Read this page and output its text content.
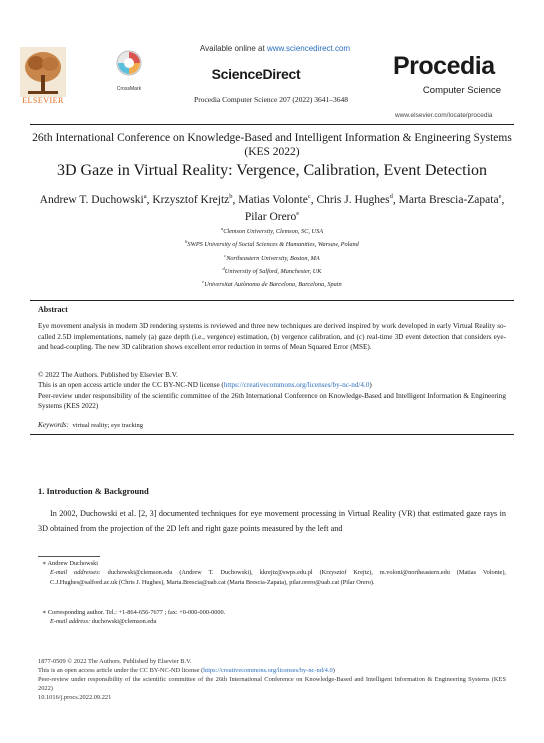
ELSEVIER
CrossMark
Available online at www.sciencedirect.com
ScienceDirect
Procedia Computer Science 207 (2022) 3641–3648
Procedia
Computer Science
www.elsevier.com/locate/procedia
26th International Conference on Knowledge-Based and Intelligent Information & Engineering Systems (KES 2022)
3D Gaze in Virtual Reality: Vergence, Calibration, Event Detection
Andrew T. Duchowski$^a$, Krzysztof Krejtz$^b$, Matias Volonte$^c$, Chris J. Hughes$^d$, Marta Brescia-Zapata$^e$, Pilar Orero$^e$
$^a$Clemson University, Clemson, SC, USA
$^b$SWPS University of Social Sciences & Humanities, Warsaw, Poland
$^c$Northeastern University, Boston, MA
$^d$University of Salford, Manchester, UK
$^e$Universitat Autònoma de Barcelona, Barcelona, Spain
Abstract
Eye movement analysis in modern 3D rendering systems is reviewed and three new techniques are derived inspired by work developed in early Virtual Reality so-called 2.5D implementations, namely (a) gaze depth (i.e., vergence) estimation, (b) vergence calibration, and (c) real-time 3D event detection that considers eye- and head-coupling. The new 3D calibration shows excellent error reduction in terms of Mean Squared Error (MSE).
© 2022 The Authors. Published by Elsevier B.V.
This is an open access article under the CC BY-NC-ND license (https://creativecommons.org/licenses/by-nc-nd/4.0)
Peer-review under responsibility of the scientific committee of the 26th International Conference on Knowledge-Based and Intelligent Information & Engineering Systems (KES 2022)
Keywords: virtual reality; eye tracking
1. Introduction & Background
In 2002, Duchowski et al. [2, 3] documented techniques for eye movement processing in Virtual Reality (VR) that estimated gaze rays in 3D obtained from the projection of the 2D left and right gaze points measured by the left and
∗ Andrew Duchowski
E-mail addresses: duchowski@clemson.edu (Andrew T. Duchowski), kkrejtz@swps.edu.pl (Krzysztof Krejtz), m.voloni@northeastern.edu (Matias Volonte), C.J.Hughes@salford.ac.uk (Chris J. Hughes), Marta.Brescia@uab.cat (Marta Brescia-Zapata), pilar.orero@uab.cat (Pilar Orero).
∗ Corresponding author. Tel.: +1-864-656-7677 ; fax: +0-000-000-0000.
E-mail address: duchowski@clemson.edu
1877-0509 © 2022 The Authors. Published by Elsevier B.V.
This is an open access article under the CC BY-NC-ND license (https://creativecommons.org/licenses/by-nc-nd/4.0)
Peer-review under responsibility of the scientific committee of the 26th International Conference on Knowledge-Based and Intelligent Information & Engineering Systems (KES 2022)
10.1016/j.procs.2022.09.221
